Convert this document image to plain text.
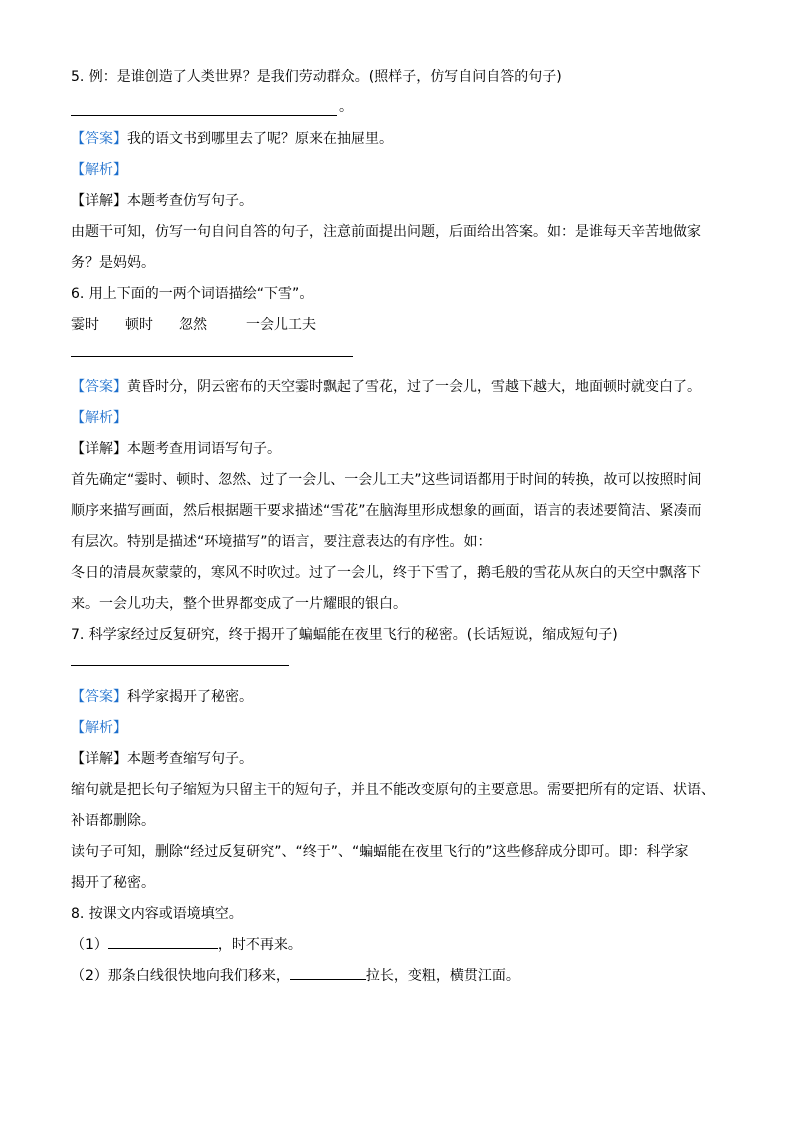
5. 例：是谁创造了人类世界？是我们劳动群众。(照样子，仿写自问自答的句子)
。
【答案】我的语文书到哪里去了呢？原来在抽屉里。
【解析】
【详解】本题考查仿写句子。
由题干可知，仿写一句自问自答的句子，注意前面提出问题，后面给出答案。如：是谁每天辛苦地做家
务？是妈妈。
6. 用上下面的一两个词语描绘“下雪”。
霎时 顿时 忽然	一会儿工夫
【答案】黄昏时分，阴云密布的天空霎时飘起了雪花，过了一会儿，雪越下越大，地面顿时就变白了。
【解析】
【详解】本题考查用词语写句子。
首先确定“霎时、顿时、忽然、过了一会儿、一会儿工夫”这些词语都用于时间的转换，故可以按照时间
顺序来描写画面，然后根据题干要求描述“雪花”在脑海里形成想象的画面，语言的表述要简洁、紧凑而
有层次。特别是描述“环境描写”的语言，要注意表达的有序性。如：
冬日的清晨灰蒙蒙的，寒风不时吹过。过了一会儿，终于下雪了，鹅毛般的雪花从灰白的天空中飘落下
来。一会儿功夫，整个世界都变成了一片耀眼的银白。
7. 科学家经过反复研究，终于揭开了蝙蝠能在夜里飞行的秘密。(长话短说，缩成短句子)
【答案】科学家揭开了秘密。
【解析】
【详解】本题考查缩写句子。
缩句就是把长句子缩短为只留主干的短句子，并且不能改变原句的主要意思。需要把所有的定语、状语、
补语都删除。
读句子可知，删除“经过反复研究”、“终于”、“蝙蝠能在夜里飞行的”这些修辞成分即可。即：科学家
揭开了秘密。
8. 按课文内容或语境填空。
（1）	，时不再来。
（2）那条白线很快地向我们移来，	拉长，变粗，横贯江面。
